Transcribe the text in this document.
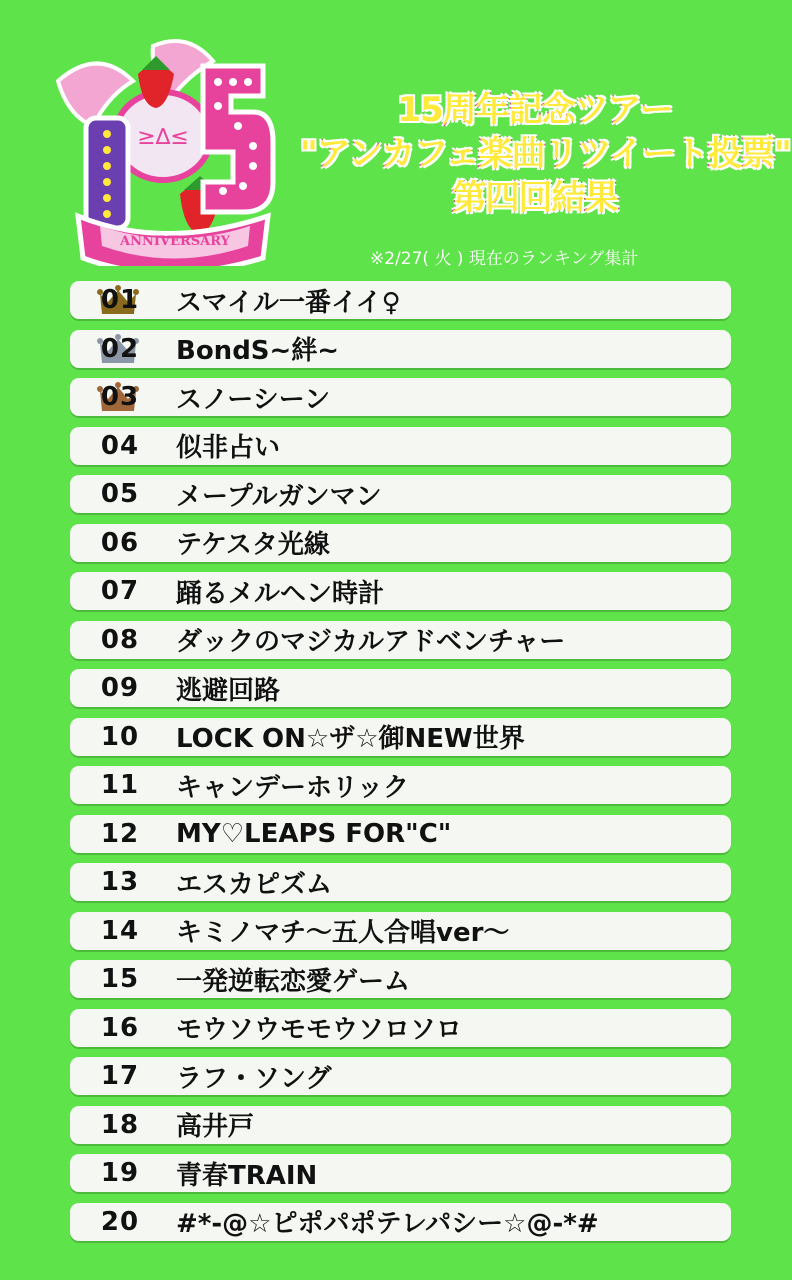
≥∆≤
ANNIVERSARY
15周年記念ツアー
"アンカフェ楽曲リツイート投票"
第四回結果
※2/27( 火 ) 現在のランキング集計
01	スマイル一番イイ♀
02	BondS~絆~
03	スノーシーン
04	似非占い
05	メープルガンマン
06	テケスタ光線
07	踊るメルヘン時計
08	ダックのマジカルアドベンチャー
09	逃避回路
10	LOCK ON☆ザ☆御NEW世界
11	キャンデーホリック
12	MY♡LEAPS FOR"C"
13	エスカピズム
14	キミノマチ～五人合唱ver～
15	一発逆転恋愛ゲーム
16	モウソウモモウソロソロ
17	ラフ・ソング
18	高井戸
19	青春TRAIN
20	#*-@☆ピポパポテレパシー☆@-*#
